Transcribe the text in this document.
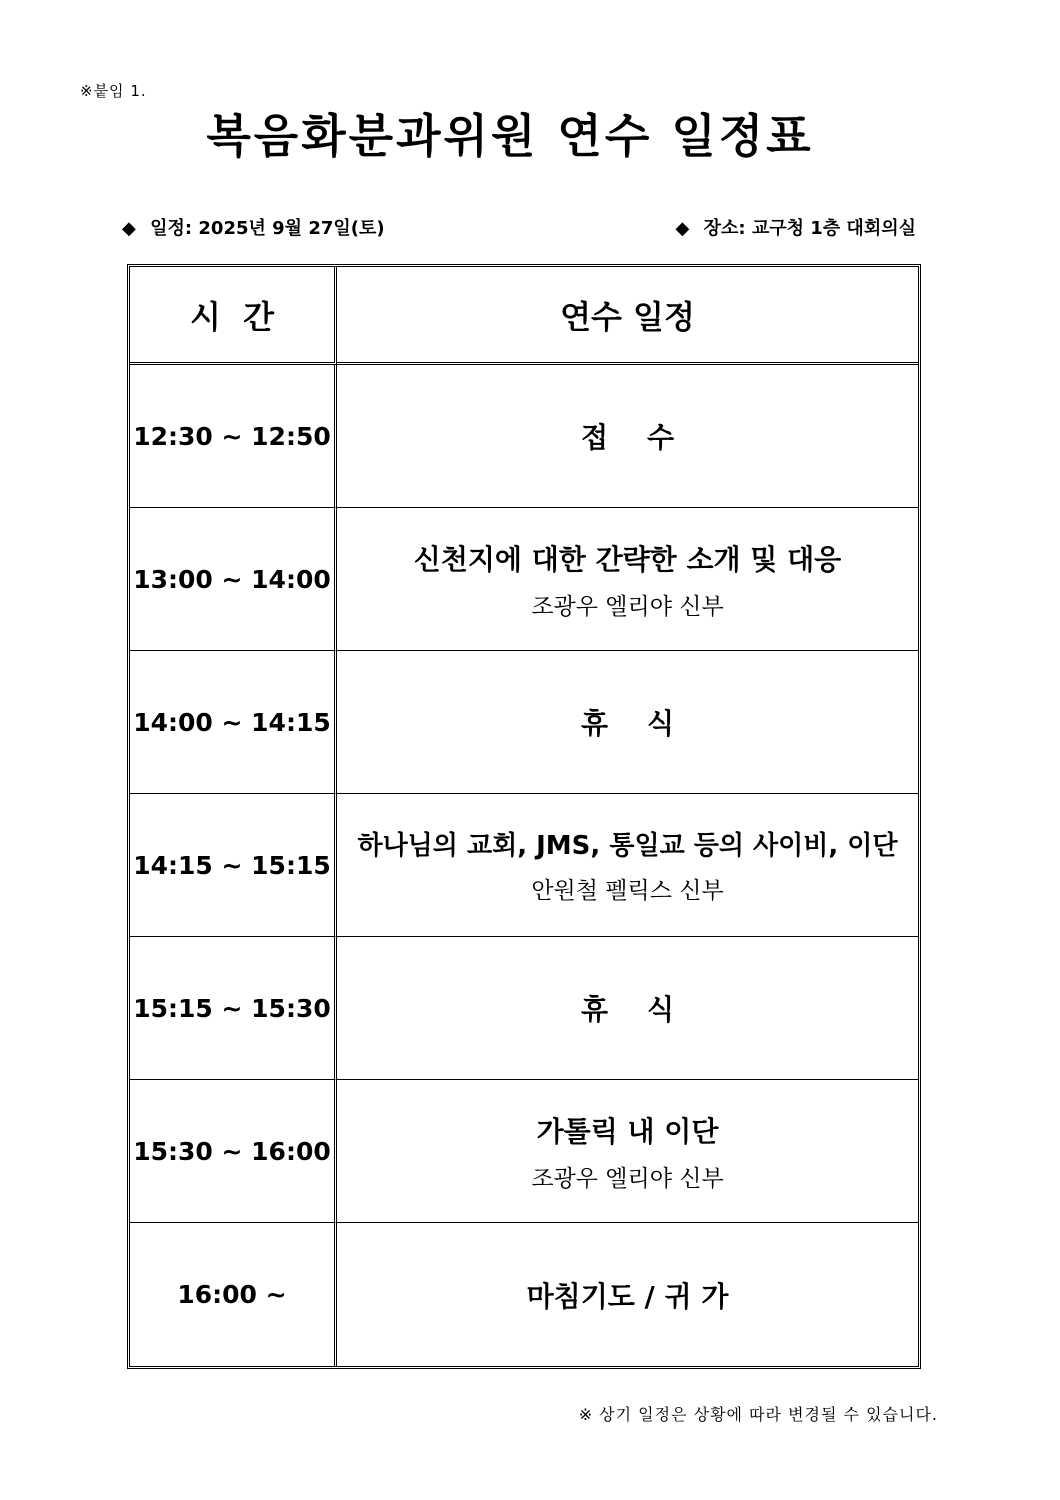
※붙임 1.
복음화분과위원 연수 일정표
◆ 일정: 2025년 9월 27일(토)	◆ 장소: 교구청 1층 대회의실
시  간	연수 일정
12:30 ~ 12:50	접    수

13:00 ~ 14:00	신천지에 대한 간략한 소개 및 대응
조광우 엘리야 신부

14:00 ~ 14:15	휴    식

14:15 ~ 15:15	하나님의 교회, JMS, 통일교 등의 사이비, 이단
안원철 펠릭스 신부

15:15 ~ 15:30	휴    식

15:30 ~ 16:00	가톨릭 내 이단
조광우 엘리야 신부

16:00 ~	마침기도 / 귀 가
※ 상기 일정은 상황에 따라 변경될 수 있습니다.
